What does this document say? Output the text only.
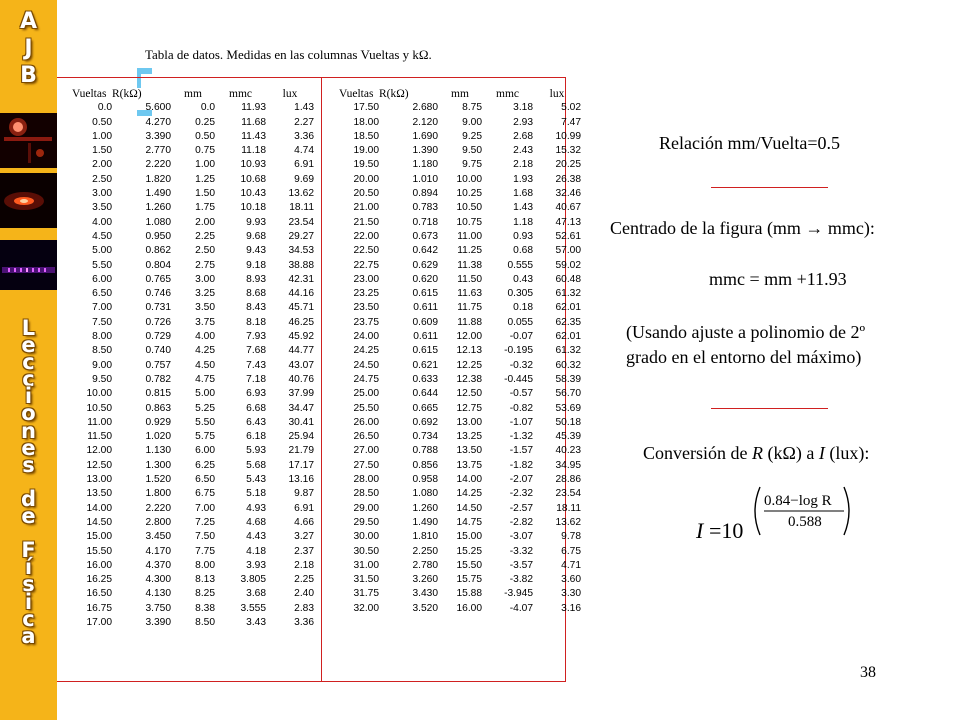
A
J
B
L
e
c
c
i
o
n
e
s

d
e

F
í
s
i
c
a
Tabla de datos. Medidas en las columnas Vueltas y kΩ.
Vueltas	R(kΩ)	mm	mmc	lux
0.0	5.600	0.0	11.93	1.43
0.50	4.270	0.25	11.68	2.27
1.00	3.390	0.50	11.43	3.36
1.50	2.770	0.75	11.18	4.74
2.00	2.220	1.00	10.93	6.91
2.50	1.820	1.25	10.68	9.69
3.00	1.490	1.50	10.43	13.62
3.50	1.260	1.75	10.18	18.11
4.00	1.080	2.00	9.93	23.54
4.50	0.950	2.25	9.68	29.27
5.00	0.862	2.50	9.43	34.53
5.50	0.804	2.75	9.18	38.88
6.00	0.765	3.00	8.93	42.31
6.50	0.746	3.25	8.68	44.16
7.00	0.731	3.50	8.43	45.71
7.50	0.726	3.75	8.18	46.25
8.00	0.729	4.00	7.93	45.92
8.50	0.740	4.25	7.68	44.77
9.00	0.757	4.50	7.43	43.07
9.50	0.782	4.75	7.18	40.76
10.00	0.815	5.00	6.93	37.99
10.50	0.863	5.25	6.68	34.47
11.00	0.929	5.50	6.43	30.41
11.50	1.020	5.75	6.18	25.94
12.00	1.130	6.00	5.93	21.79
12.50	1.300	6.25	5.68	17.17
13.00	1.520	6.50	5.43	13.16
13.50	1.800	6.75	5.18	9.87
14.00	2.220	7.00	4.93	6.91
14.50	2.800	7.25	4.68	4.66
15.00	3.450	7.50	4.43	3.27
15.50	4.170	7.75	4.18	2.37
16.00	4.370	8.00	3.93	2.18
16.25	4.300	8.13	3.805	2.25
16.50	4.130	8.25	3.68	2.40
16.75	3.750	8.38	3.555	2.83
17.00	3.390	8.50	3.43	3.36
Vueltas	R(kΩ)	mm	mmc	lux
17.50	2.680	8.75	3.18	5.02
18.00	2.120	9.00	2.93	7.47
18.50	1.690	9.25	2.68	10.99
19.00	1.390	9.50	2.43	15.32
19.50	1.180	9.75	2.18	20.25
20.00	1.010	10.00	1.93	26.38
20.50	0.894	10.25	1.68	32.46
21.00	0.783	10.50	1.43	40.67
21.50	0.718	10.75	1.18	47.13
22.00	0.673	11.00	0.93	52.61
22.50	0.642	11.25	0.68	57.00
22.75	0.629	11.38	0.555	59.02
23.00	0.620	11.50	0.43	60.48
23.25	0.615	11.63	0.305	61.32
23.50	0.611	11.75	0.18	62.01
23.75	0.609	11.88	0.055	62.35
24.00	0.611	12.00	-0.07	62.01
24.25	0.615	12.13	-0.195	61.32
24.50	0.621	12.25	-0.32	60.32
24.75	0.633	12.38	-0.445	58.39
25.00	0.644	12.50	-0.57	56.70
25.50	0.665	12.75	-0.82	53.69
26.00	0.692	13.00	-1.07	50.18
26.50	0.734	13.25	-1.32	45.39
27.00	0.788	13.50	-1.57	40.23
27.50	0.856	13.75	-1.82	34.95
28.00	0.958	14.00	-2.07	28.86
28.50	1.080	14.25	-2.32	23.54
29.00	1.260	14.50	-2.57	18.11
29.50	1.490	14.75	-2.82	13.62
30.00	1.810	15.00	-3.07	9.78
30.50	2.250	15.25	-3.32	6.75
31.00	2.780	15.50	-3.57	4.71
31.50	3.260	15.75	-3.82	3.60
31.75	3.430	15.88	-3.945	3.30
32.00	3.520	16.00	-4.07	3.16
Relación mm/Vuelta=0.5
Centrado de la figura (mm → mmc):
mmc = mm +11.93
(Usando ajuste a polinomio de 2º
grado en el entorno del máximo)
Conversión de R (kΩ) a I (lux):
I =10
0.84−log R
0.588
38
